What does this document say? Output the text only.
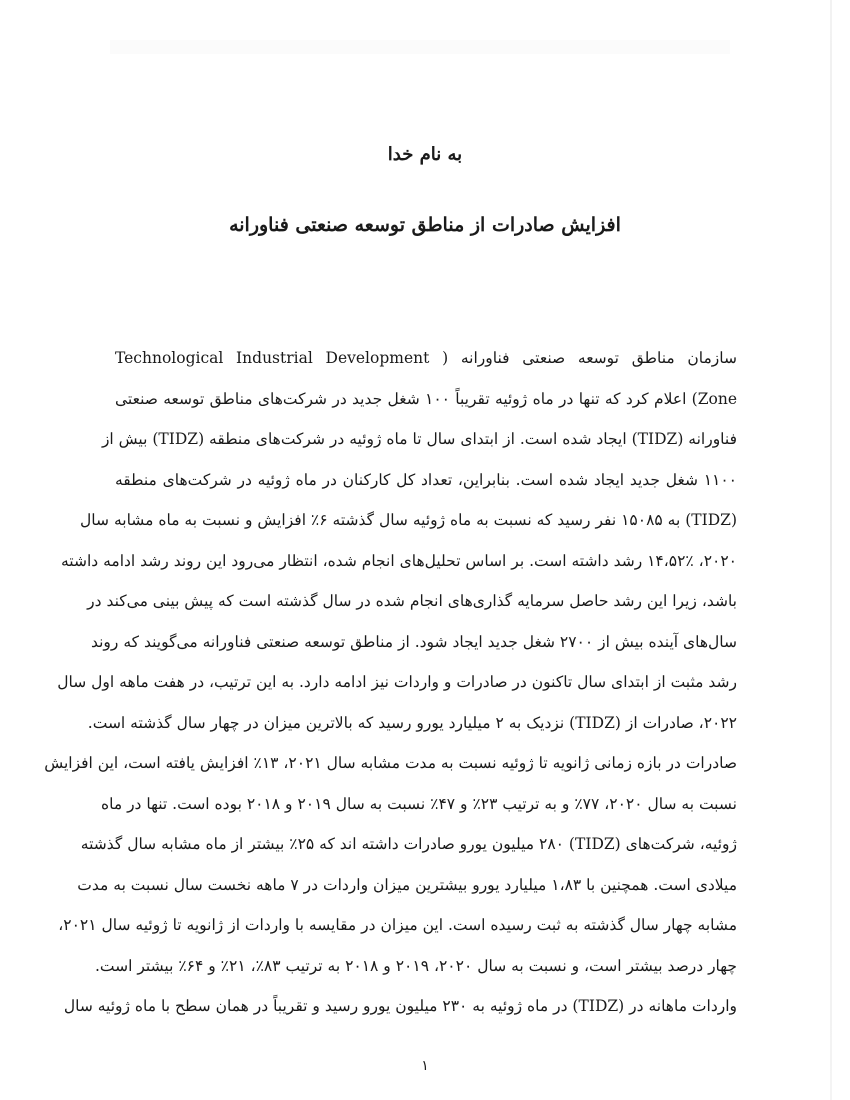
به نام خدا
افزایش صادرات از مناطق توسعه صنعتی فناورانه
سازمان مناطق توسعه صنعتی فناورانه ( Technological Industrial Development
Zone) اعلام کرد که تنها در ماه ژوئیه تقریباً ۱۰۰ شغل جدید در شرکت‌های مناطق توسعه صنعتی
فناورانه (TIDZ) ایجاد شده است. از ابتدای سال تا ماه ژوئیه در شرکت‌های منطقه (TIDZ) بیش از
۱۱۰۰ شغل جدید ایجاد شده است. بنابراین، تعداد کل کارکنان در ماه ژوئیه در شرکت‌های منطقه
(TIDZ) به ۱۵۰۸۵ نفر رسید که نسبت به ماه ژوئیه سال گذشته ۶٪ افزایش و نسبت به ماه مشابه سال
۲۰۲۰، ۱۴،۵۲٪ رشد داشته است. بر اساس تحلیل‌های انجام شده، انتظار می‌رود این روند رشد ادامه داشته
باشد، زیرا این رشد حاصل سرمایه گذاری‌های انجام شده در سال گذشته است که پیش بینی می‌کند در
سال‌های آینده بیش از ۲۷۰۰ شغل جدید ایجاد شود. از مناطق توسعه صنعتی فناورانه می‌گویند که روند
رشد مثبت از ابتدای سال تاکنون در صادرات و واردات نیز ادامه دارد. به این ترتیب، در هفت ماهه اول سال
۲۰۲۲، صادرات از (TIDZ) نزدیک به ۲ میلیارد یورو رسید که بالاترین میزان در چهار سال گذشته است.
صادرات در بازه زمانی ژانویه تا ژوئیه نسبت به مدت مشابه سال ۲۰۲۱، ۱۳٪ افزایش یافته است، این افزایش
نسبت به سال ۲۰۲۰، ۷۷٪ و به ترتیب ۲۳٪ و ۴۷٪ نسبت به سال ۲۰۱۹ و ۲۰۱۸ بوده است. تنها در ماه
ژوئیه، شرکت‌های (TIDZ) ۲۸۰ میلیون یورو صادرات داشته اند که ۲۵٪ بیشتر از ماه مشابه سال گذشته
میلادی است. همچنین با ۱،۸۳ میلیارد یورو بیشترین میزان واردات در ۷ ماهه نخست سال نسبت به مدت
مشابه چهار سال گذشته به ثبت رسیده است. این میزان در مقایسه با واردات از ژانویه تا ژوئیه سال ۲۰۲۱،
چهار درصد بیشتر است، و نسبت به سال ۲۰۲۰، ۲۰۱۹ و ۲۰۱۸ به ترتیب ۸۳٪، ۲۱٪ و ۶۴٪ بیشتر است.
واردات ماهانه در (TIDZ) در ماه ژوئیه به ۲۳۰ میلیون یورو رسید و تقریباً در همان سطح با ماه ژوئیه سال
۱
